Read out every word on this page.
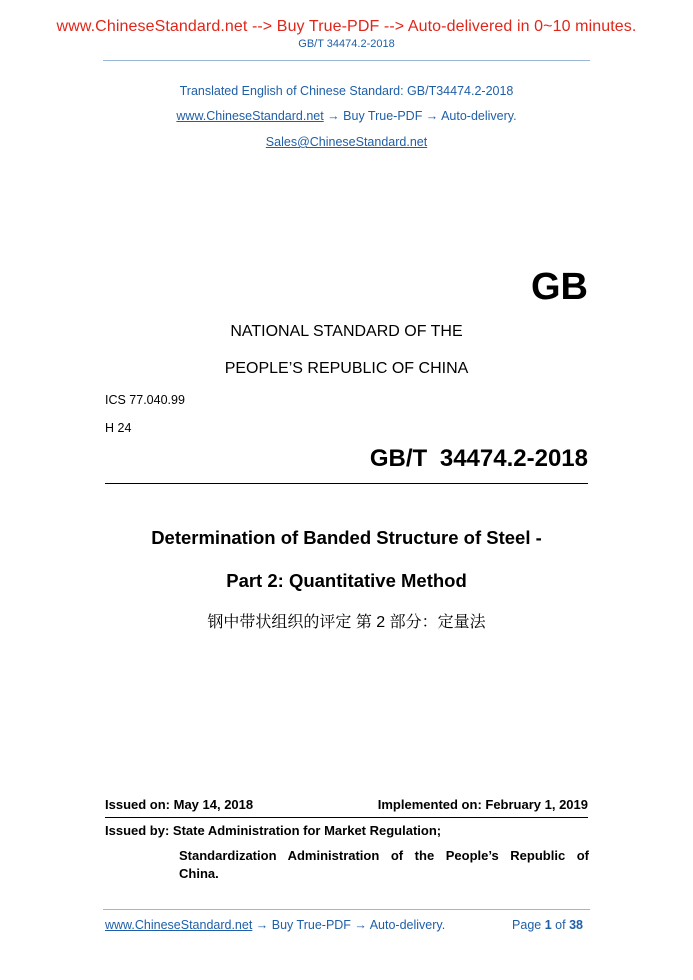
www.ChineseStandard.net --> Buy True-PDF --> Auto-delivered in 0~10 minutes.
GB/T 34474.2-2018
Translated English of Chinese Standard: GB/T34474.2-2018
www.ChineseStandard.net → Buy True-PDF → Auto-delivery.
Sales@ChineseStandard.net
GB
NATIONAL STANDARD OF THE
PEOPLE’S REPUBLIC OF CHINA
ICS 77.040.99
H 24
GB/T 34474.2-2018
Determination of Banded Structure of Steel -
Part 2: Quantitative Method
钢中带状组织的评定 第 2 部分：定量法
Issued on: May 14, 2018	Implemented on: February 1, 2019
Issued by: State Administration for Market Regulation;
Standardization Administration of the People’s Republic of
China.
www.ChineseStandard.net → Buy True-PDF → Auto-delivery.	Page 1 of 38
